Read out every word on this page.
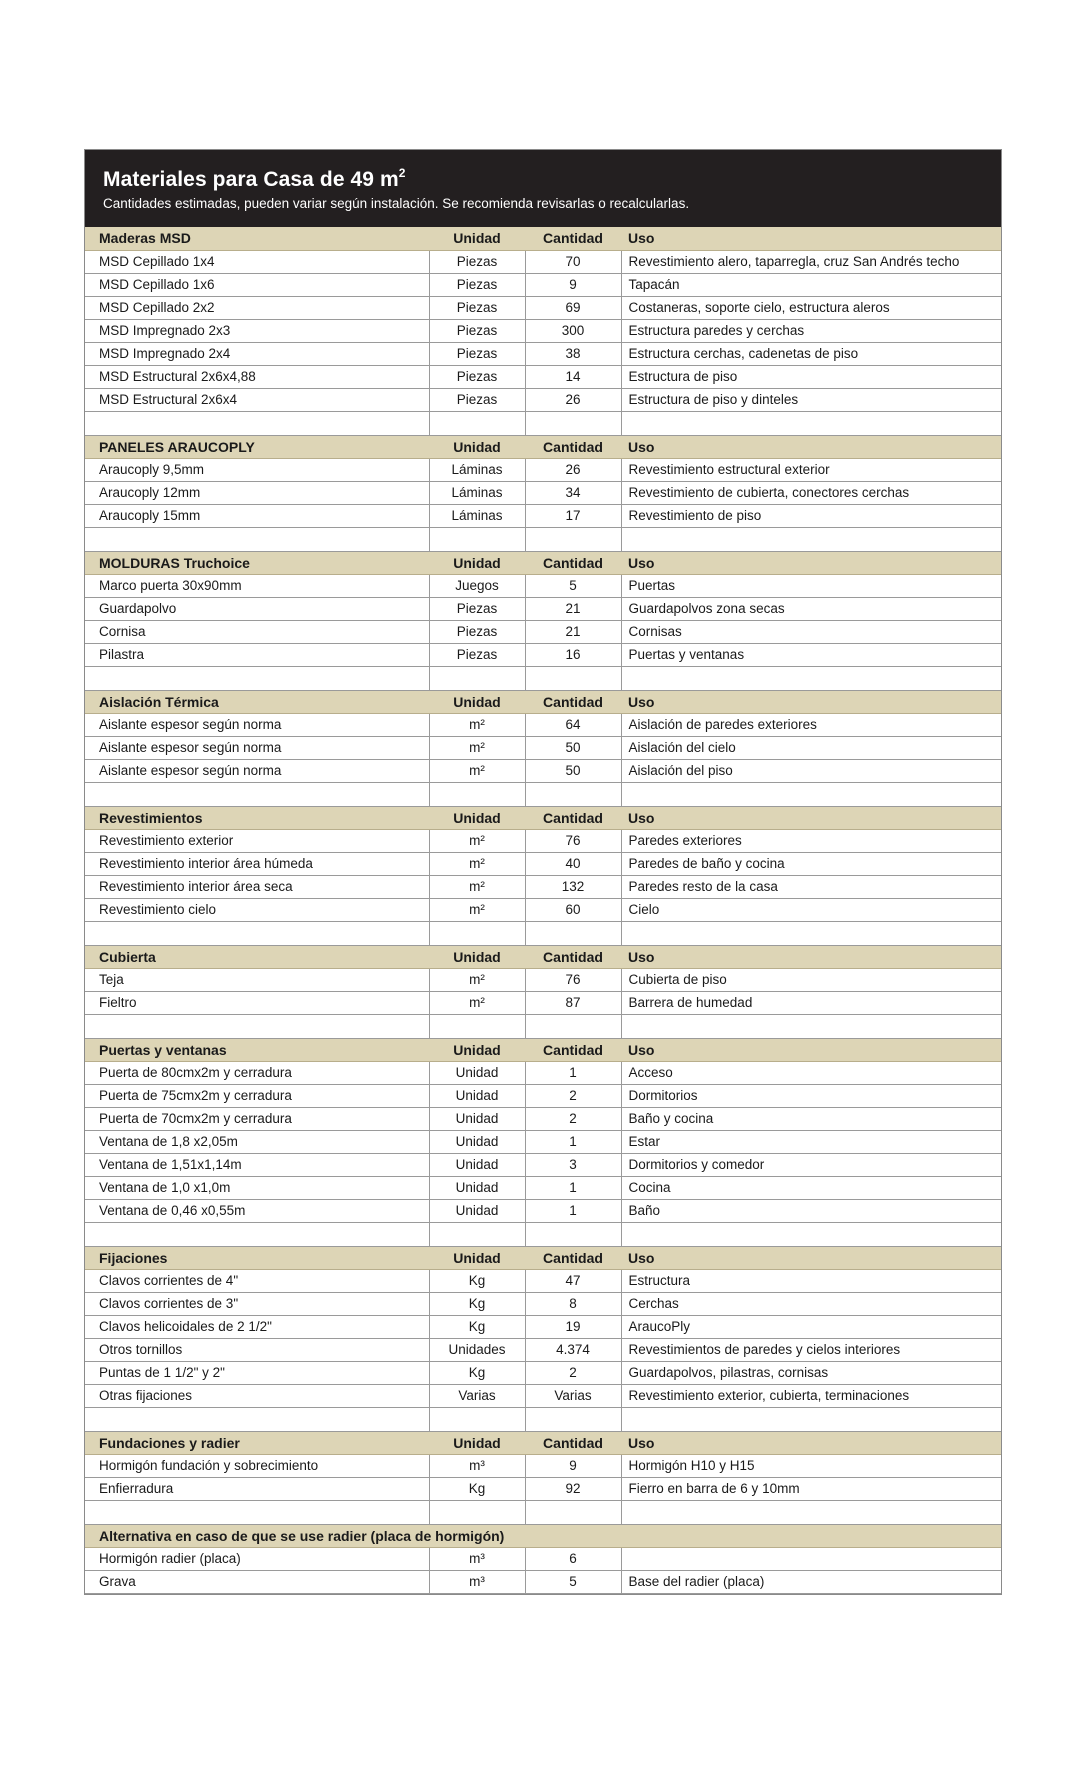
Materiales para Casa de 49 $m^2$
Cantidades estimadas, pueden variar según instalación. Se recomienda revisarlas o recalcularlas.
Maderas MSD	Unidad	Cantidad	Uso
MSD Cepillado 1x4	Piezas	70	Revestimiento alero, taparregla, cruz San Andrés techo
MSD Cepillado 1x6	Piezas	9	Tapacán
MSD Cepillado 2x2	Piezas	69	Costaneras, soporte cielo, estructura aleros
MSD Impregnado 2x3	Piezas	300	Estructura paredes y cerchas
MSD Impregnado 2x4	Piezas	38	Estructura cerchas, cadenetas de piso
MSD Estructural 2x6x4,88	Piezas	14	Estructura de piso
MSD Estructural 2x6x4	Piezas	26	Estructura de piso y dinteles

PANELES ARAUCOPLY	Unidad	Cantidad	Uso
Araucoply 9,5mm	Láminas	26	Revestimiento estructural exterior
Araucoply 12mm	Láminas	34	Revestimiento de cubierta, conectores cerchas
Araucoply 15mm	Láminas	17	Revestimiento de piso

MOLDURAS Truchoice	Unidad	Cantidad	Uso
Marco puerta 30x90mm	Juegos	5	Puertas
Guardapolvo	Piezas	21	Guardapolvos zona secas
Cornisa	Piezas	21	Cornisas
Pilastra	Piezas	16	Puertas y ventanas

Aislación Térmica	Unidad	Cantidad	Uso
Aislante espesor según norma	m²	64	Aislación de paredes exteriores
Aislante espesor según norma	m²	50	Aislación del cielo
Aislante espesor según norma	m²	50	Aislación del piso

Revestimientos	Unidad	Cantidad	Uso
Revestimiento exterior	m²	76	Paredes exteriores
Revestimiento interior área húmeda	m²	40	Paredes de baño y cocina
Revestimiento interior área seca	m²	132	Paredes resto de la casa
Revestimiento cielo	m²	60	Cielo

Cubierta	Unidad	Cantidad	Uso
Teja	m²	76	Cubierta de piso
Fieltro	m²	87	Barrera de humedad

Puertas y ventanas	Unidad	Cantidad	Uso
Puerta de 80cmx2m y cerradura	Unidad	1	Acceso
Puerta de 75cmx2m y cerradura	Unidad	2	Dormitorios
Puerta de 70cmx2m y cerradura	Unidad	2	Baño y cocina
Ventana de 1,8 x2,05m	Unidad	1	Estar
Ventana de 1,51x1,14m	Unidad	3	Dormitorios y comedor
Ventana de 1,0 x1,0m	Unidad	1	Cocina
Ventana de 0,46 x0,55m	Unidad	1	Baño

Fijaciones	Unidad	Cantidad	Uso
Clavos corrientes de 4"	Kg	47	Estructura
Clavos corrientes de 3"	Kg	8	Cerchas
Clavos helicoidales de 2 1/2"	Kg	19	AraucoPly
Otros tornillos	Unidades	4.374	Revestimientos de paredes y cielos interiores
Puntas de 1 1/2" y 2"	Kg	2	Guardapolvos, pilastras, cornisas
Otras fijaciones	Varias	Varias	Revestimiento exterior, cubierta, terminaciones

Fundaciones y radier	Unidad	Cantidad	Uso
Hormigón fundación y sobrecimiento	m³	9	Hormigón H10 y H15
Enfierradura	Kg	92	Fierro en barra de 6 y 10mm

Alternativa en caso de que se use radier (placa de hormigón)			
Hormigón radier (placa)	m³	6	
Grava	m³	5	Base del radier (placa)
